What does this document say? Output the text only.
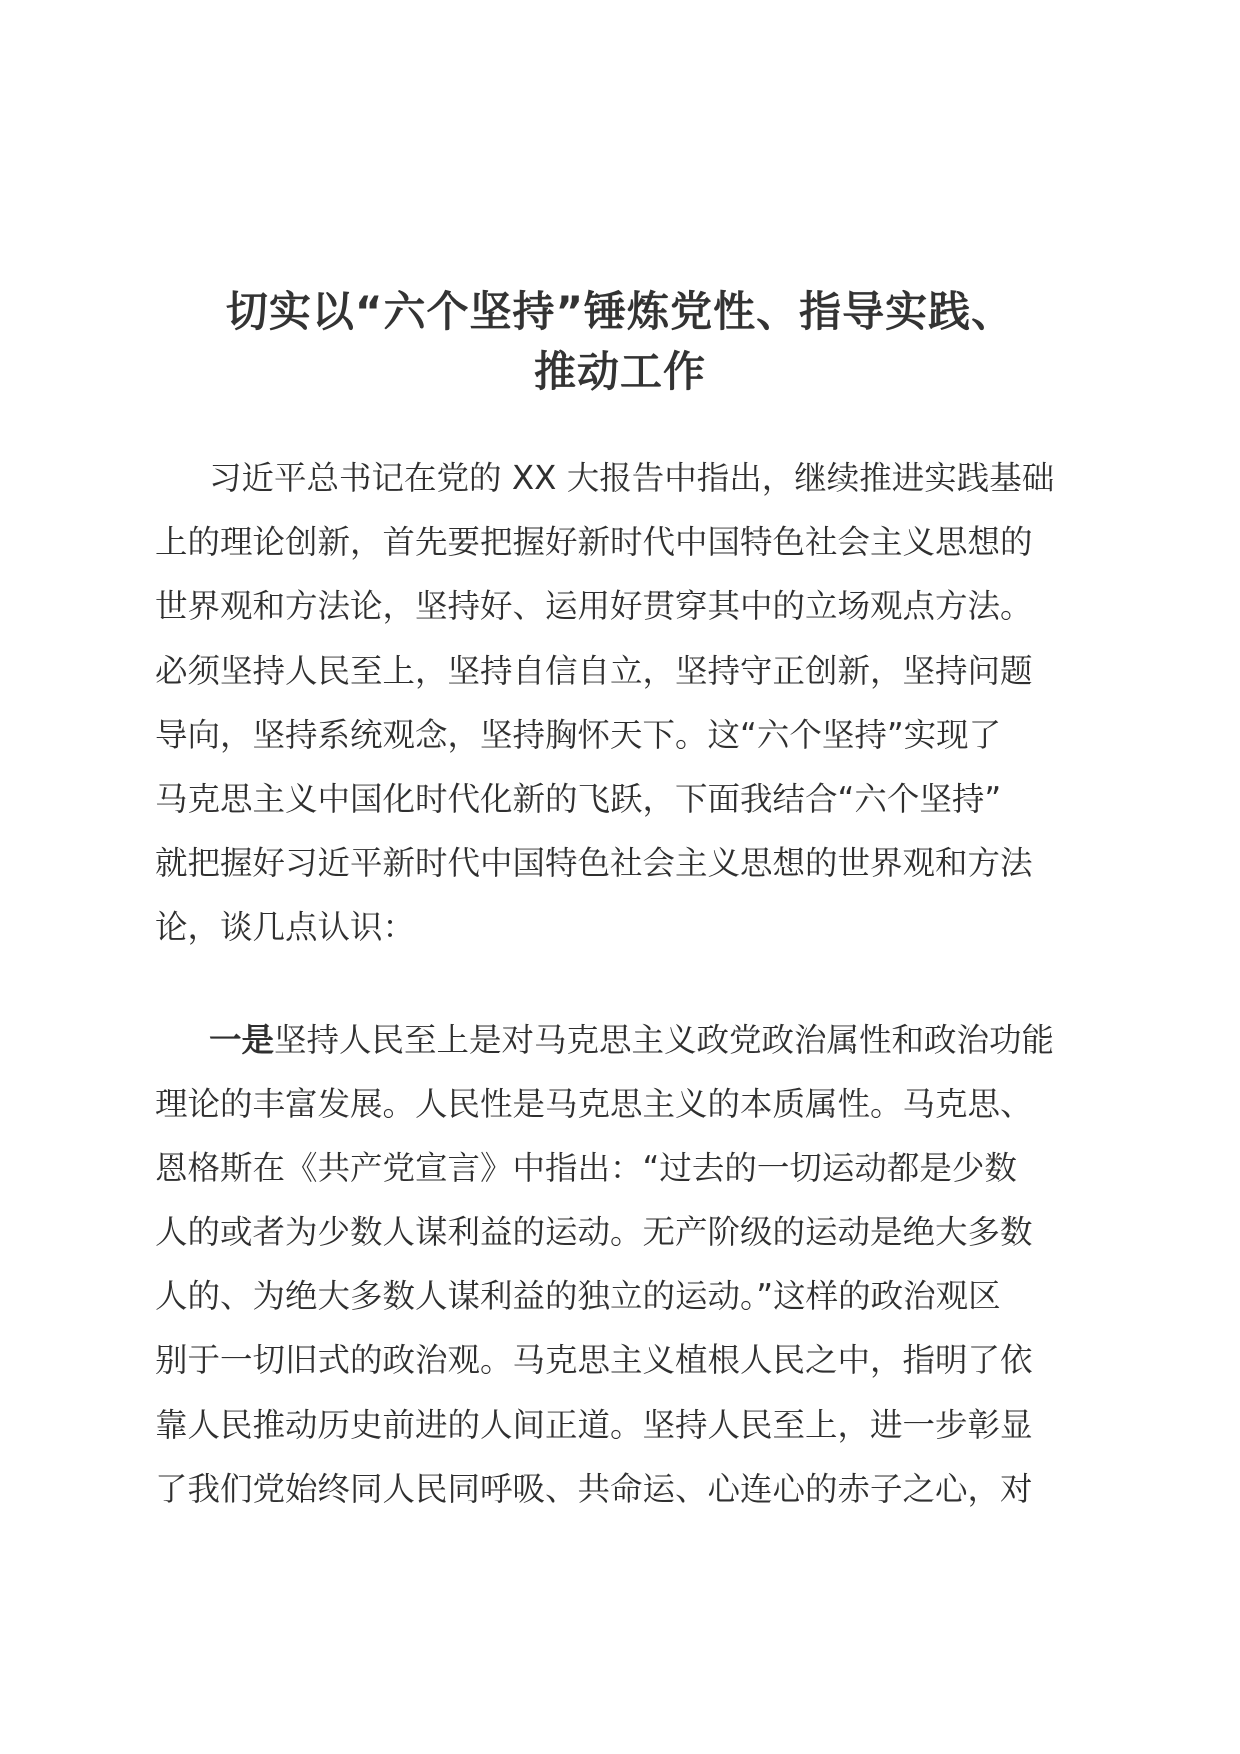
切实以“六个坚持”锤炼党性、指导实践、
推动工作

习近平总书记在党的 XX 大报告中指出，继续推进实践基础
上的理论创新，首先要把握好新时代中国特色社会主义思想的
世界观和方法论，坚持好、运用好贯穿其中的立场观点方法。
必须坚持人民至上，坚持自信自立，坚持守正创新，坚持问题
导向，坚持系统观念，坚持胸怀天下。这“六个坚持”实现了
马克思主义中国化时代化新的飞跃，下面我结合“六个坚持”
就把握好习近平新时代中国特色社会主义思想的世界观和方法
论，谈几点认识：

一是坚持人民至上是对马克思主义政党政治属性和政治功能
理论的丰富发展。人民性是马克思主义的本质属性。马克思、
恩格斯在《共产党宣言》中指出：“过去的一切运动都是少数
人的或者为少数人谋利益的运动。无产阶级的运动是绝大多数
人的、为绝大多数人谋利益的独立的运动。”这样的政治观区
别于一切旧式的政治观。马克思主义植根人民之中，指明了依
靠人民推动历史前进的人间正道。坚持人民至上，进一步彰显
了我们党始终同人民同呼吸、共命运、心连心的赤子之心，对
